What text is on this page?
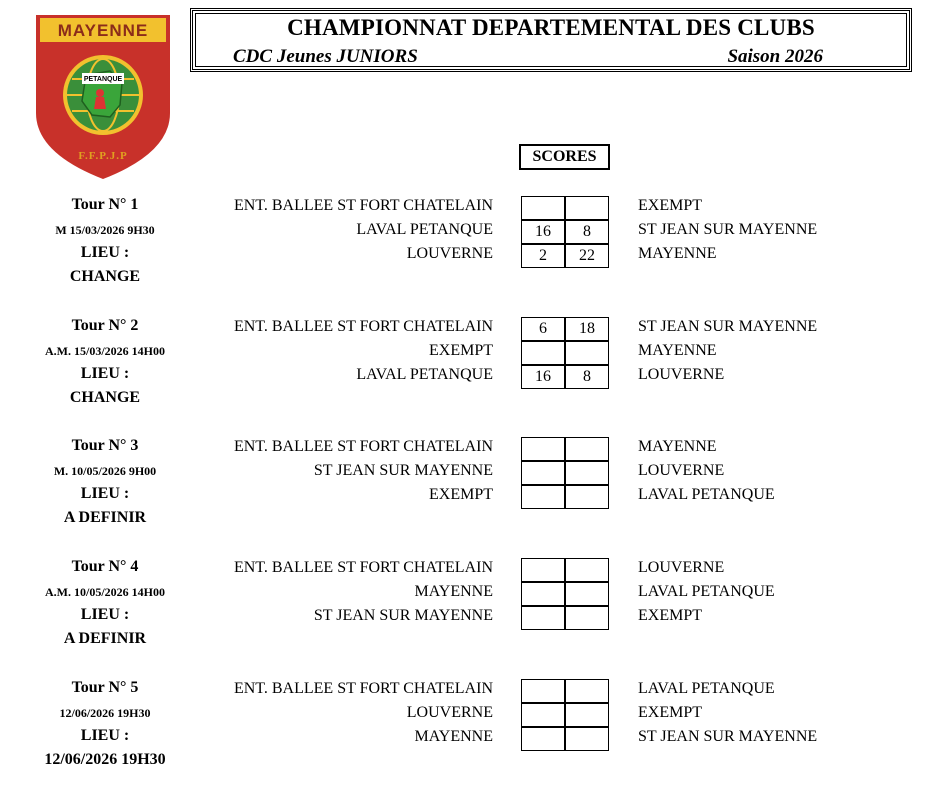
MAYENNE
PETANQUE
F.F.P.J.P
CHAMPIONNAT DEPARTEMENTAL DES CLUBS
CDC Jeunes JUNIORS	Saison 2026
SCORES
Tour N° 1
M 15/03/2026 9H30
LIEU :
CHANGE
ENT. BALLEE ST FORT CHATELAIN	EXEMPT
LAVAL PETANQUE	16	8	ST JEAN SUR MAYENNE
LOUVERNE	2	22	MAYENNE
Tour N° 2
A.M. 15/03/2026 14H00
LIEU :
CHANGE
ENT. BALLEE ST FORT CHATELAIN	6	18	ST JEAN SUR MAYENNE
EXEMPT	MAYENNE
LAVAL PETANQUE	16	8	LOUVERNE
Tour N° 3
M. 10/05/2026 9H00
LIEU :
A DEFINIR
ENT. BALLEE ST FORT CHATELAIN	MAYENNE
ST JEAN SUR MAYENNE	LOUVERNE
EXEMPT	LAVAL PETANQUE
Tour N° 4
A.M. 10/05/2026 14H00
LIEU :
A DEFINIR
ENT. BALLEE ST FORT CHATELAIN	LOUVERNE
MAYENNE	LAVAL PETANQUE
ST JEAN SUR MAYENNE	EXEMPT
Tour N° 5
12/06/2026 19H30
LIEU :
12/06/2026 19H30
ENT. BALLEE ST FORT CHATELAIN	LAVAL PETANQUE
LOUVERNE	EXEMPT
MAYENNE	ST JEAN SUR MAYENNE
